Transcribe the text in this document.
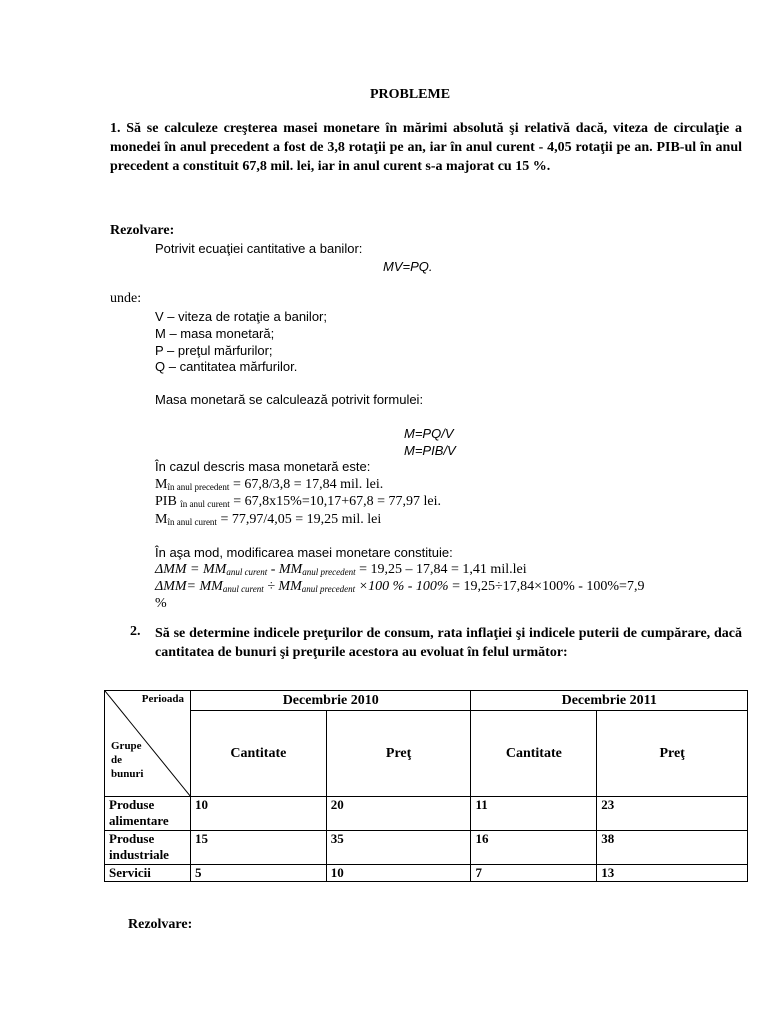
PROBLEME
1. Să se calculeze creşterea masei monetare în mărimi absolută şi relativă dacă, viteza de circulaţie a monedei în anul precedent a fost de 3,8 rotaţii pe an, iar în anul curent - 4,05 rotaţii pe an. PIB-ul în anul precedent a constituit 67,8 mil. lei, iar in anul curent s-a majorat cu 15 %.
Rezolvare:
Potrivit ecuaţiei cantitative a banilor:
MV=PQ.
unde:
V – viteza de rotaţie a banilor;
M – masa monetară;
P – preţul mărfurilor;
Q – cantitatea mărfurilor.
Masa monetară se calculează potrivit formulei:
M=PQ/V
M=PIB/V
În cazul descris masa monetară este:
$M_{în anul precedent} = 67,8/3,8 = 17,84$ mil. lei.
PIB $_{în anul curent}$ = 67,8x15%=10,17+67,8 = 77,97 lei.
$M_{în anul curent} = 77,97/4,05 = 19,25$ mil. lei
În aşa mod, modificarea masei monetare constituie:
$\Delta MM = MM_{anul curent} - MM_{anul precedent} = 19,25 - 17,84 = 1,41$ mil.lei
$\Delta MM= MM_{anul curent} \div MM_{anul precedent} \times 100$ % - 100% = 19,25÷17,84×100% - 100%=7,9
%
2. Să se determine indicele preţurilor de consum, rata inflaţiei şi indicele puterii de cumpărare, dacă cantitatea de bunuri şi preţurile acestora au evoluat în felul următor:
Perioada
Grupe
de
bunuri	Decembrie 2010		Decembrie 2011	
	Cantitate	Preţ	Cantitate	Preţ
Produse alimentare	10	20	11	23
Produse industriale	15	35	16	38
Servicii	5	10	7	13
Rezolvare:
